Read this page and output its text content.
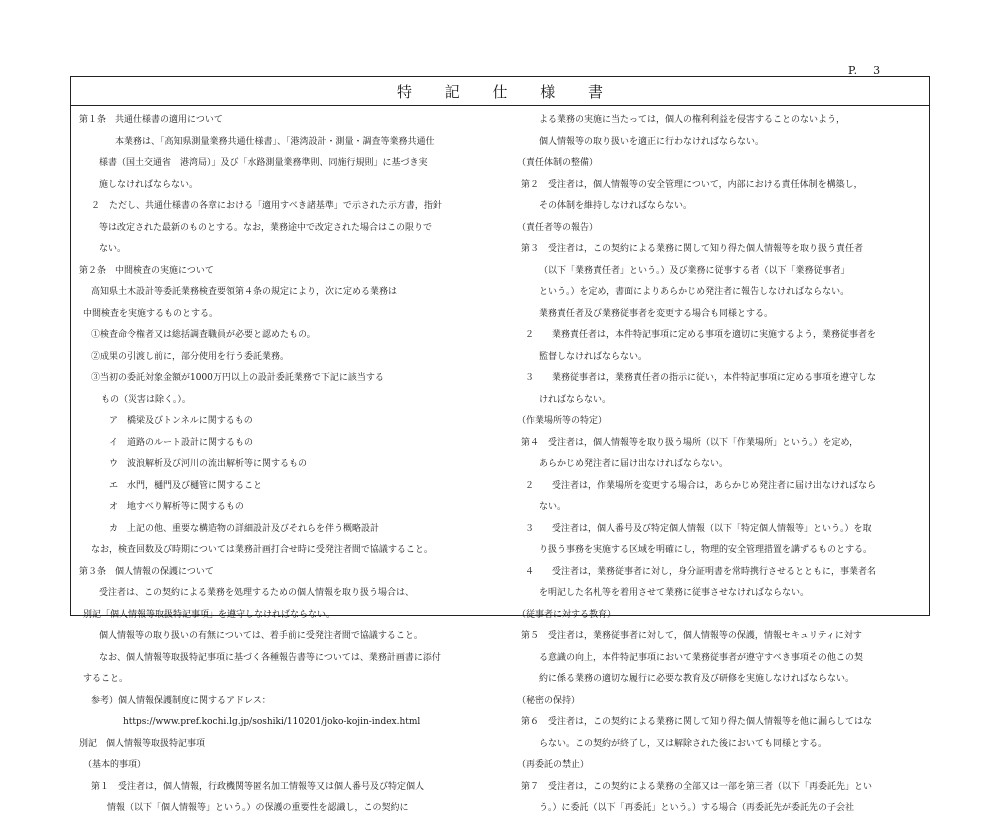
P.　 3
特 記 仕 様 書
第１条　共通仕様書の適用について
本業務は、「高知県測量業務共通仕様書」、「港湾設計・測量・調査等業務共通仕
様書（国土交通省　港湾局）」及び「水路測量業務準則、同施行規則」に基づき実
施しなければならない。
２　ただし、共通仕様書の各章における「適用すべき諸基準」で示された示方書，指針
等は改定された最新のものとする。なお，業務途中で改定された場合はこの限りで
ない。
第２条　中間検査の実施について
高知県土木設計等委託業務検査要領第４条の規定により，次に定める業務は
中間検査を実施するものとする。
①検査命令権者又は総括調査職員が必要と認めたもの。
②成果の引渡し前に，部分使用を行う委託業務。
③当初の委託対象金額が1000万円以上の設計委託業務で下記に該当する
もの（災害は除く。）。
ア　橋梁及びトンネルに関するもの
イ　道路のルート設計に関するもの
ウ　波浪解析及び河川の流出解析等に関するもの
エ　水門，樋門及び樋管に関すること
オ　地すべり解析等に関するもの
カ　上記の他、重要な構造物の詳細設計及びそれらを伴う概略設計
なお，検査回数及び時期については業務計画打合せ時に受発注者間で協議すること。
第３条　個人情報の保護について
受注者は、この契約による業務を処理するための個人情報を取り扱う場合は、
別記「個人情報等取扱特記事項」を遵守しなければならない。
個人情報等の取り扱いの有無については、着手前に受発注者間で協議すること。
なお、個人情報等取扱特記事項に基づく各種報告書等については、業務計画書に添付
すること。
参考）個人情報保護制度に関するアドレス：
https://www.pref.kochi.lg.jp/soshiki/110201/joko-kojin-index.html
別記　個人情報等取扱特記事項
（基本的事項）
第１　受注者は，個人情報，行政機関等匿名加工情報等又は個人番号及び特定個人
情報（以下「個人情報等」という。）の保護の重要性を認識し，この契約に
よる業務の実施に当たっては，個人の権利利益を侵害することのないよう，
個人情報等の取り扱いを適正に行わなければならない。
（責任体制の整備）
第２　受注者は，個人情報等の安全管理について，内部における責任体制を構築し，
その体制を維持しなければならない。
（責任者等の報告）
第３　受注者は，この契約による業務に関して知り得た個人情報等を取り扱う責任者
（以下「業務責任者」という。）及び業務に従事する者（以下「業務従事者」
という。）を定め，書面によりあらかじめ発注者に報告しなければならない。
業務責任者及び業務従事者を変更する場合も同様とする。
２　　業務責任者は，本件特記事項に定める事項を適切に実施するよう，業務従事者を
監督しなければならない。
３　　業務従事者は，業務責任者の指示に従い，本件特記事項に定める事項を遵守しな
ければならない。
（作業場所等の特定）
第４　受注者は，個人情報等を取り扱う場所（以下「作業場所」という。）を定め，
あらかじめ発注者に届け出なければならない。
２　　受注者は，作業場所を変更する場合は，あらかじめ発注者に届け出なければなら
ない。
３　　受注者は，個人番号及び特定個人情報（以下「特定個人情報等」という。）を取
り扱う事務を実施する区域を明確にし，物理的安全管理措置を講ずるものとする。
４　　受注者は，業務従事者に対し，身分証明書を常時携行させるとともに，事業者名
を明記した名札等を着用させて業務に従事させなければならない。
（従事者に対する教育）
第５　受注者は，業務従事者に対して，個人情報等の保護，情報セキュリティに対す
る意識の向上，本件特記事項において業務従事者が遵守すべき事項その他この契
約に係る業務の適切な履行に必要な教育及び研修を実施しなければならない。
（秘密の保持）
第６　受注者は，この契約による業務に関して知り得た個人情報等を他に漏らしてはな
らない。この契約が終了し，又は解除された後においても同様とする。
（再委託の禁止）
第７　受注者は，この契約による業務の全部又は一部を第三者（以下「再委託先」とい
う。）に委託（以下「再委託」という。）する場合（再委託先が委託先の子会社
